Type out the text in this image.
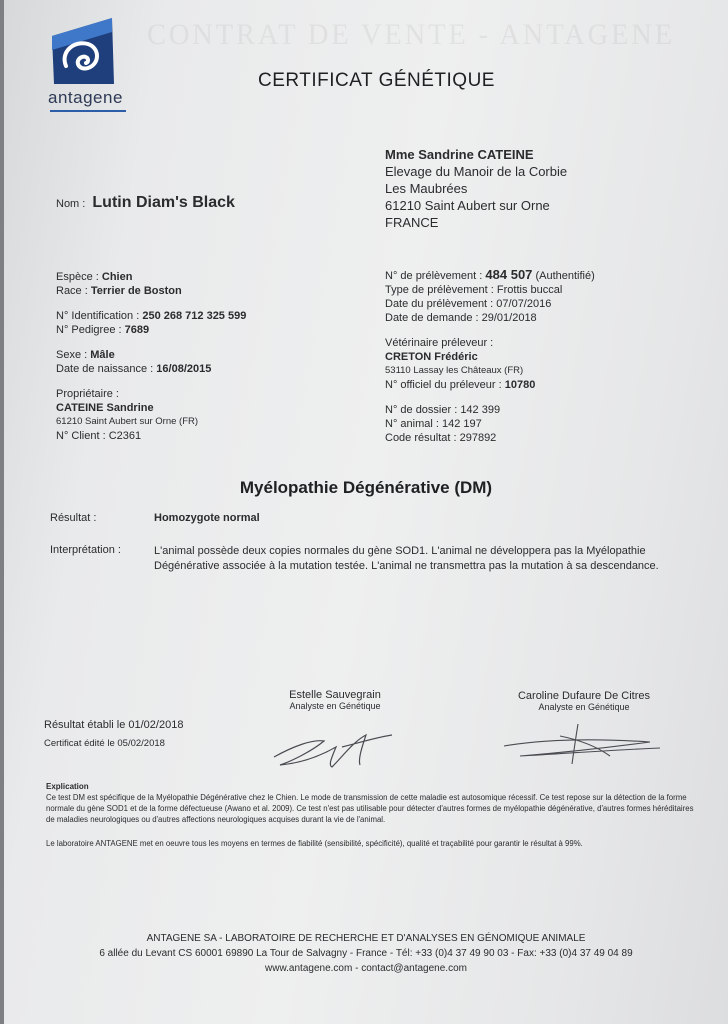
CONTRAT DE VENTE - ANTAGENE
antagene
CERTIFICAT GÉNÉTIQUE
Mme Sandrine CATEINE
Elevage du Manoir de la Corbie
Les Maubrées
61210 Saint Aubert sur Orne
FRANCE
Nom : Lutin Diam's Black
Espèce : Chien
Race : Terrier de Boston
N° Identification : 250 268 712 325 599
N° Pedigree : 7689
Sexe : Mâle
Date de naissance : 16/08/2015
Propriétaire :
CATEINE Sandrine
61210 Saint Aubert sur Orne (FR)
N° Client : C2361
N° de prélèvement : 484 507 (Authentifié)
Type de prélèvement : Frottis buccal
Date du prélèvement : 07/07/2016
Date de demande : 29/01/2018
Vétérinaire préleveur :
CRETON Frédéric
53110 Lassay les Châteaux (FR)
N° officiel du préleveur : 10780
N° de dossier : 142 399
N° animal : 142 197
Code résultat : 297892
Myélopathie Dégénérative (DM)
Résultat :	Homozygote normal
Interprétation :	L'animal possède deux copies normales du gène SOD1. L'animal ne développera pas la Myélopathie Dégénérative associée à la mutation testée. L'animal ne transmettra pas la mutation à sa descendance.
Estelle Sauvegrain
Analyste en Génétique
Caroline Dufaure De Citres
Analyste en Génétique
Résultat établi le 01/02/2018
Certificat édité le 05/02/2018
Explication
Ce test DM est spécifique de la Myélopathie Dégénérative chez le Chien. Le mode de transmission de cette maladie est autosomique récessif. Ce test repose sur la détection de la forme normale du gène SOD1 et de la forme défectueuse (Awano et al. 2009). Ce test n'est pas utilisable pour détecter d'autres formes de myélopathie dégénérative, d'autres formes héréditaires de maladies neurologiques ou d'autres affections neurologiques acquises durant la vie de l'animal.
Le laboratoire ANTAGENE met en oeuvre tous les moyens en termes de fiabilité (sensibilité, spécificité), qualité et traçabilité pour garantir le résultat à 99%.
ANTAGENE SA - LABORATOIRE DE RECHERCHE ET D'ANALYSES EN GÉNOMIQUE ANIMALE
6 allée du Levant CS 60001 69890 La Tour de Salvagny - France - Tél: +33 (0)4 37 49 90 03 - Fax: +33 (0)4 37 49 04 89
www.antagene.com - contact@antagene.com
